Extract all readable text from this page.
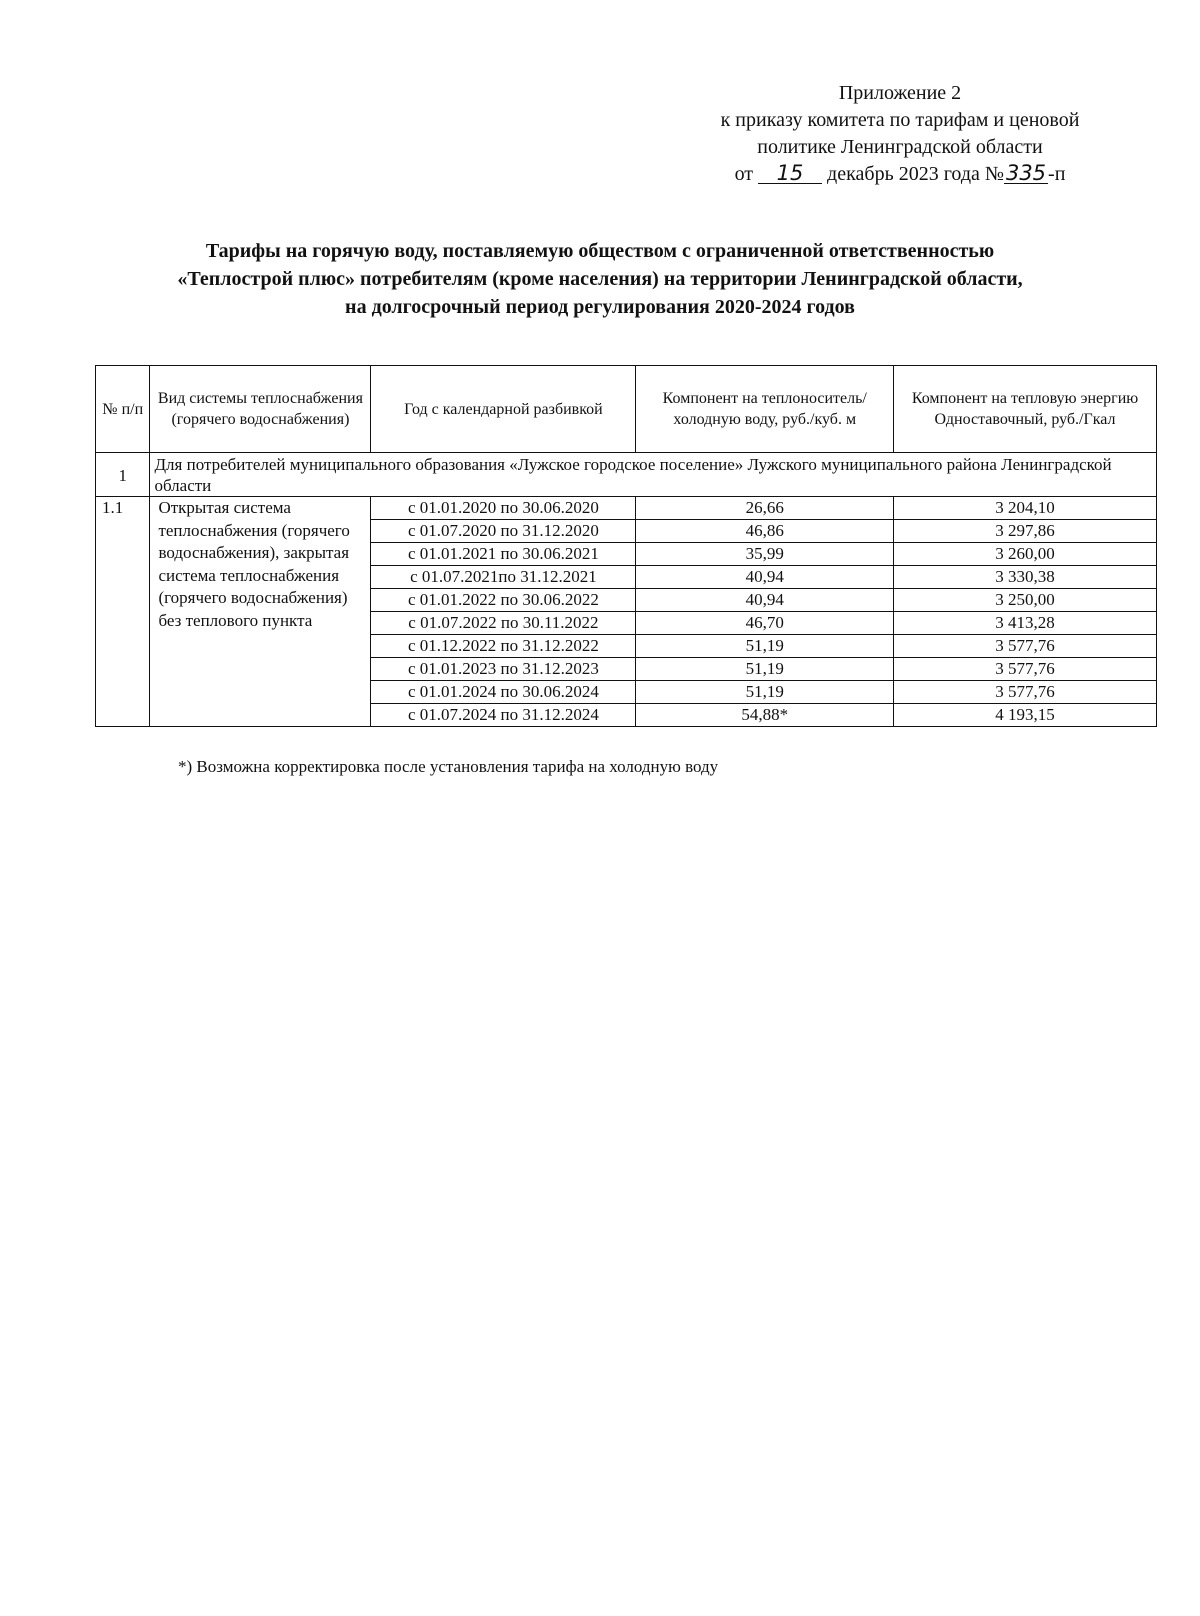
Приложение 2
к приказу комитета по тарифам и ценовой
политике Ленинградской области
от 15 декабрь 2023 года №335 -п
Тарифы на горячую воду, поставляемую обществом с ограниченной ответственностью
«Теплострой плюс» потребителям (кроме населения) на территории Ленинградской области,
на долгосрочный период регулирования 2020-2024 годов
№ п/п	Вид системы теплоснабжения (горячего водоснабжения)	Год с календарной разбивкой	Компонент на теплоноситель/холодную воду, руб./куб. м	Компонент на тепловую энергию Одноставочный, руб./Гкал
1	Для потребителей муниципального образования «Лужское городское поселение» Лужского муниципального района Ленинградской области			
1.1	Открытая система теплоснабжения (горячего водоснабжения), закрытая система теплоснабжения (горячего водоснабжения) без теплового пункта	с 01.01.2020 по 30.06.2020	26,66	3 204,10
		с 01.07.2020 по 31.12.2020	46,86	3 297,86
		с 01.01.2021 по 30.06.2021	35,99	3 260,00
		с 01.07.2021по 31.12.2021	40,94	3 330,38
		с 01.01.2022 по 30.06.2022	40,94	3 250,00
		с 01.07.2022 по 30.11.2022	46,70	3 413,28
		с 01.12.2022 по 31.12.2022	51,19	3 577,76
		с 01.01.2023 по 31.12.2023	51,19	3 577,76
		с 01.01.2024 по 30.06.2024	51,19	3 577,76
		с 01.07.2024 по 31.12.2024	54,88*	4 193,15
*) Возможна корректировка после установления тарифа на холодную воду
